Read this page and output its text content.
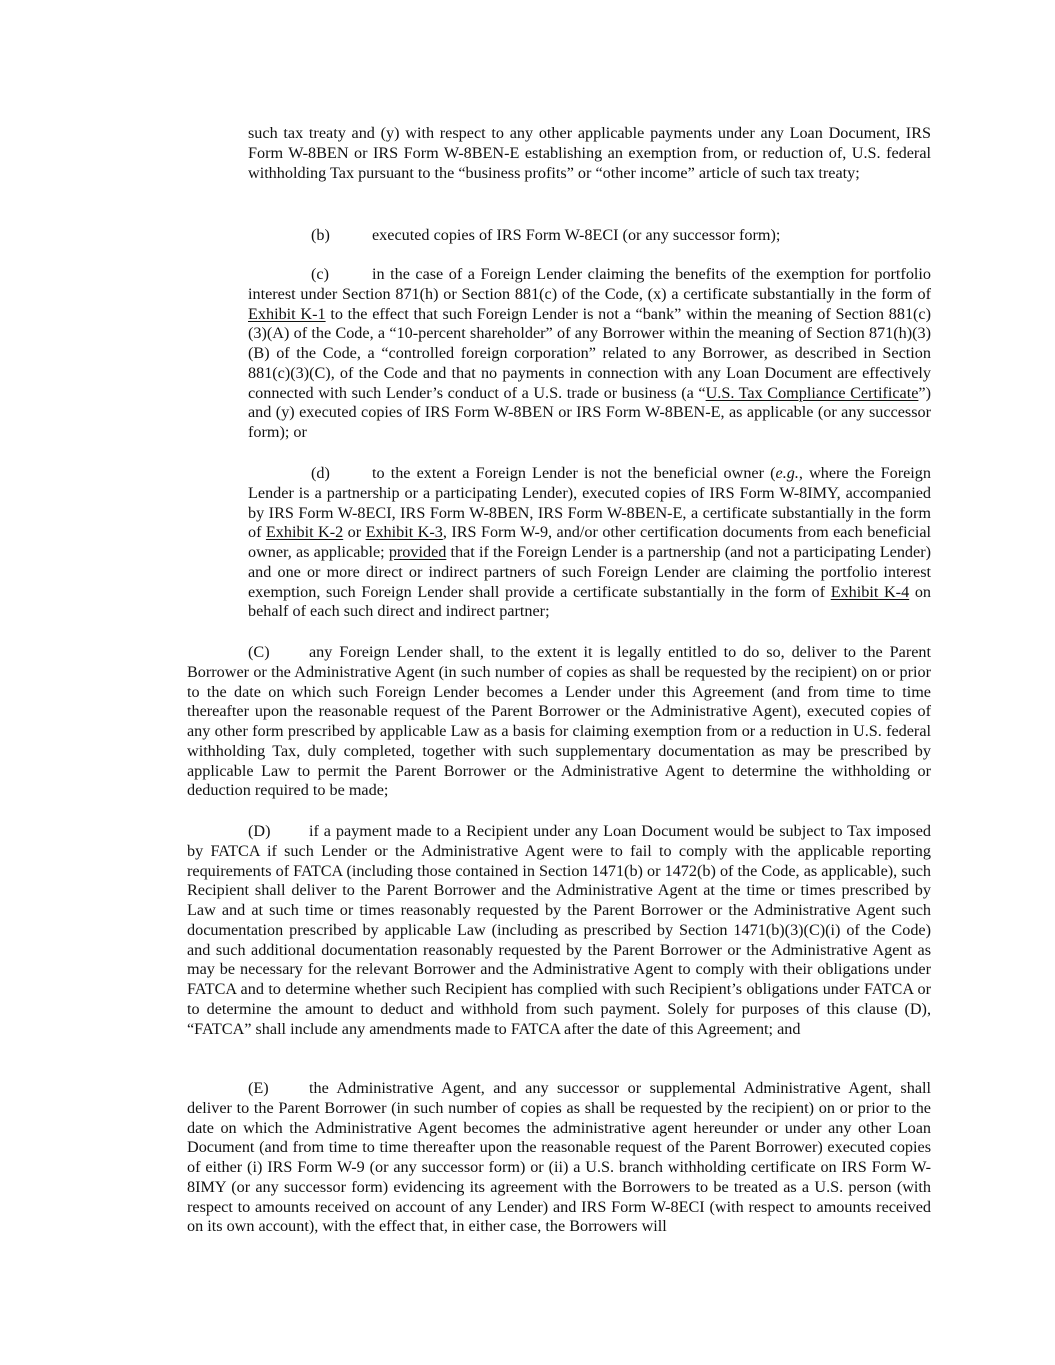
such tax treaty and (y) with respect to any other applicable payments under any Loan Document, IRS Form W-8BEN or IRS Form W-8BEN-E establishing an exemption from, or reduction of, U.S. federal withholding Tax pursuant to the “business profits” or “other income” article of such tax treaty;

(b)	executed copies of IRS Form W-8ECI (or any successor form);

(c)	in the case of a Foreign Lender claiming the benefits of the exemption for portfolio interest under Section 871(h) or Section 881(c) of the Code, (x) a certificate substantially in the form of Exhibit K-1 to the effect that such Foreign Lender is not a “bank” within the meaning of Section 881(c)(3)(A) of the Code, a “10-percent shareholder” of any Borrower within the meaning of Section 871(h)(3)(B) of the Code, a “controlled foreign corporation” related to any Borrower, as described in Section 881(c)(3)(C), of the Code and that no payments in connection with any Loan Document are effectively connected with such Lender’s conduct of a U.S. trade or business (a “U.S. Tax Compliance Certificate”) and (y) executed copies of IRS Form W-8BEN or IRS Form W-8BEN-E, as applicable (or any successor form); or

(d)	to the extent a Foreign Lender is not the beneficial owner (e.g., where the Foreign Lender is a partnership or a participating Lender), executed copies of IRS Form W-8IMY, accompanied by IRS Form W-8ECI, IRS Form W-8BEN, IRS Form W-8BEN-E, a certificate substantially in the form of Exhibit K-2 or Exhibit K-3, IRS Form W-9, and/or other certification documents from each beneficial owner, as applicable; provided that if the Foreign Lender is a partnership (and not a participating Lender) and one or more direct or indirect partners of such Foreign Lender are claiming the portfolio interest exemption, such Foreign Lender shall provide a certificate substantially in the form of Exhibit K-4 on behalf of each such direct and indirect partner;

(C) any Foreign Lender shall, to the extent it is legally entitled to do so, deliver to the Parent Borrower or the Administrative Agent (in such number of copies as shall be requested by the recipient) on or prior to the date on which such Foreign Lender becomes a Lender under this Agreement (and from time to time thereafter upon the reasonable request of the Parent Borrower or the Administrative Agent), executed copies of any other form prescribed by applicable Law as a basis for claiming exemption from or a reduction in U.S. federal withholding Tax, duly completed, together with such supplementary documentation as may be prescribed by applicable Law to permit the Parent Borrower or the Administrative Agent to determine the withholding or deduction required to be made;

(D) if a payment made to a Recipient under any Loan Document would be subject to Tax imposed by FATCA if such Lender or the Administrative Agent were to fail to comply with the applicable reporting requirements of FATCA (including those contained in Section 1471(b) or 1472(b) of the Code, as applicable), such Recipient shall deliver to the Parent Borrower and the Administrative Agent at the time or times prescribed by Law and at such time or times reasonably requested by the Parent Borrower or the Administrative Agent such documentation prescribed by applicable Law (including as prescribed by Section 1471(b)(3)(C)(i) of the Code) and such additional documentation reasonably requested by the Parent Borrower or the Administrative Agent as may be necessary for the relevant Borrower and the Administrative Agent to comply with their obligations under FATCA and to determine whether such Recipient has complied with such Recipient’s obligations under FATCA or to determine the amount to deduct and withhold from such payment. Solely for purposes of this clause (D), “FATCA” shall include any amendments made to FATCA after the date of this Agreement; and

(E) the Administrative Agent, and any successor or supplemental Administrative Agent, shall deliver to the Parent Borrower (in such number of copies as shall be requested by the recipient) on or prior to the date on which the Administrative Agent becomes the administrative agent hereunder or under any other Loan Document (and from time to time thereafter upon the reasonable request of the Parent Borrower) executed copies of either (i) IRS Form W-9 (or any successor form) or (ii) a U.S. branch withholding certificate on IRS Form W-8IMY (or any successor form) evidencing its agreement with the Borrowers to be treated as a U.S. person (with respect to amounts received on account of any Lender) and IRS Form W-8ECI (with respect to amounts received on its own account), with the effect that, in either case, the Borrowers will
